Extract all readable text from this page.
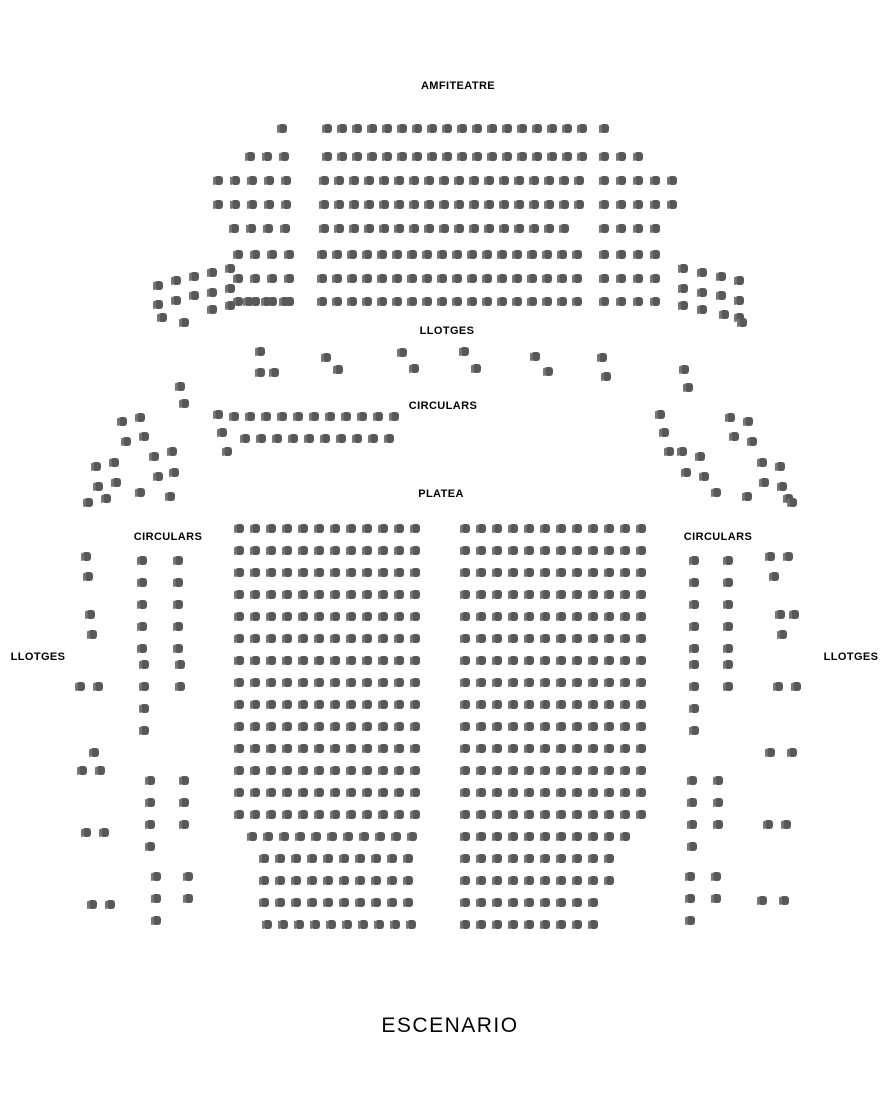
AMFITEATRE
LLOTGES
CIRCULARS
PLATEA
CIRCULARS	CIRCULARS
LLOTGES	LLOTGES
ESCENARIO
